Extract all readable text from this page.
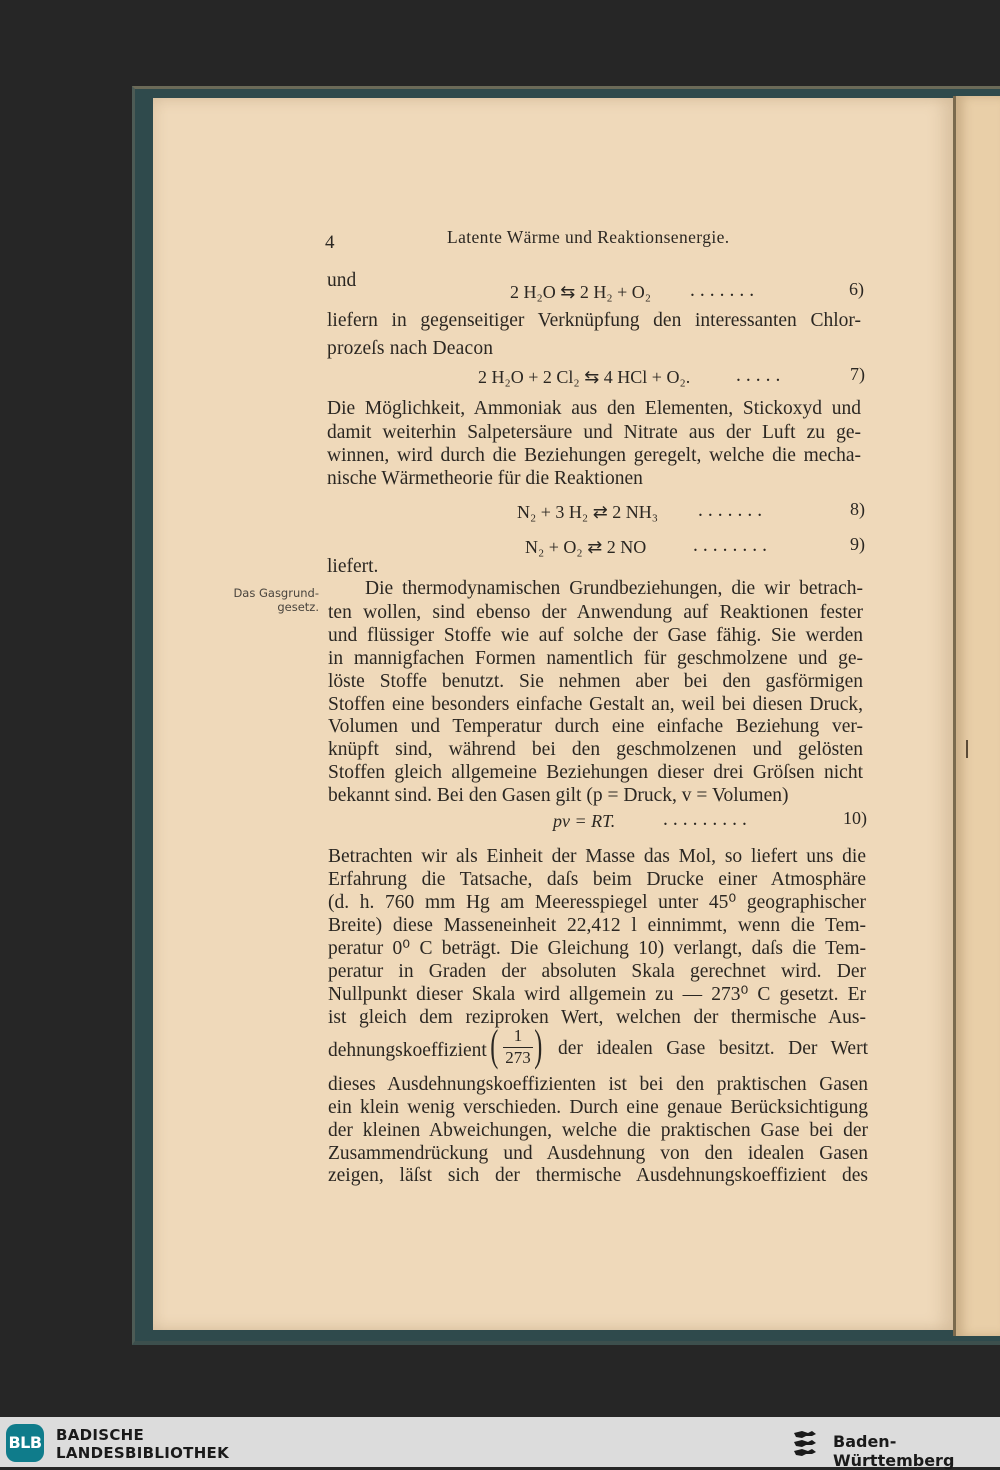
4	Latente Wärme und Reaktionsenergie.
und
2 H₂O ⇆ 2 H₂ + O₂ .......	6)
liefern in gegenseitiger Verknüpfung den interessanten Chlor-
prozeſs nach Deacon
2 H₂O + 2 Cl₂ ⇆ 4 HCl + O₂. .....	7)
Die Möglichkeit, Ammoniak aus den Elementen, Stickoxyd und
damit weiterhin Salpetersäure und Nitrate aus der Luft zu ge-
winnen, wird durch die Beziehungen geregelt, welche die mecha-
nische Wärmetheorie für die Reaktionen
N₂ + 3 H₂ ⇄ 2 NH₃ .......	8)
N₂ + O₂ ⇄ 2 NO ........	9)
liefert.
Das Gasgrund-
gesetz.
Die thermodynamischen Grundbeziehungen, die wir betrach-
ten wollen, sind ebenso der Anwendung auf Reaktionen fester
und flüssiger Stoffe wie auf solche der Gase fähig. Sie werden
in mannigfachen Formen namentlich für geschmolzene und ge-
löste Stoffe benutzt. Sie nehmen aber bei den gasförmigen
Stoffen eine besonders einfache Gestalt an, weil bei diesen Druck,
Volumen und Temperatur durch eine einfache Beziehung ver-
knüpft sind, während bei den geschmolzenen und gelösten
Stoffen gleich allgemeine Beziehungen dieser drei Gröſsen nicht
bekannt sind. Bei den Gasen gilt (p = Druck, v = Volumen)
pv = RT. .........	10)
Betrachten wir als Einheit der Masse das Mol, so liefert uns die
Erfahrung die Tatsache, daſs beim Drucke einer Atmosphäre
(d. h. 760 mm Hg am Meeresspiegel unter 45⁰ geographischer
Breite) diese Masseneinheit 22,412 l einnimmt, wenn die Tem-
peratur 0⁰ C beträgt. Die Gleichung 10) verlangt, daſs die Tem-
peratur in Graden der absoluten Skala gerechnet wird. Der
Nullpunkt dieser Skala wird allgemein zu — 273⁰ C gesetzt. Er
ist gleich dem reziproken Wert, welchen der thermische Aus-
dehnungskoeffizient ( 1
273 ) der idealen Gase besitzt. Der Wert
dieses Ausdehnungskoeffizienten ist bei den praktischen Gasen
ein klein wenig verschieden. Durch eine genaue Berücksichtigung
der kleinen Abweichungen, welche die praktischen Gase bei der
Zusammendrückung und Ausdehnung von den idealen Gasen
zeigen, läſst sich der thermische Ausdehnungskoeffizient des
BLB BADISCHE
LANDESBIBLIOTHEK
Baden-Württemberg
